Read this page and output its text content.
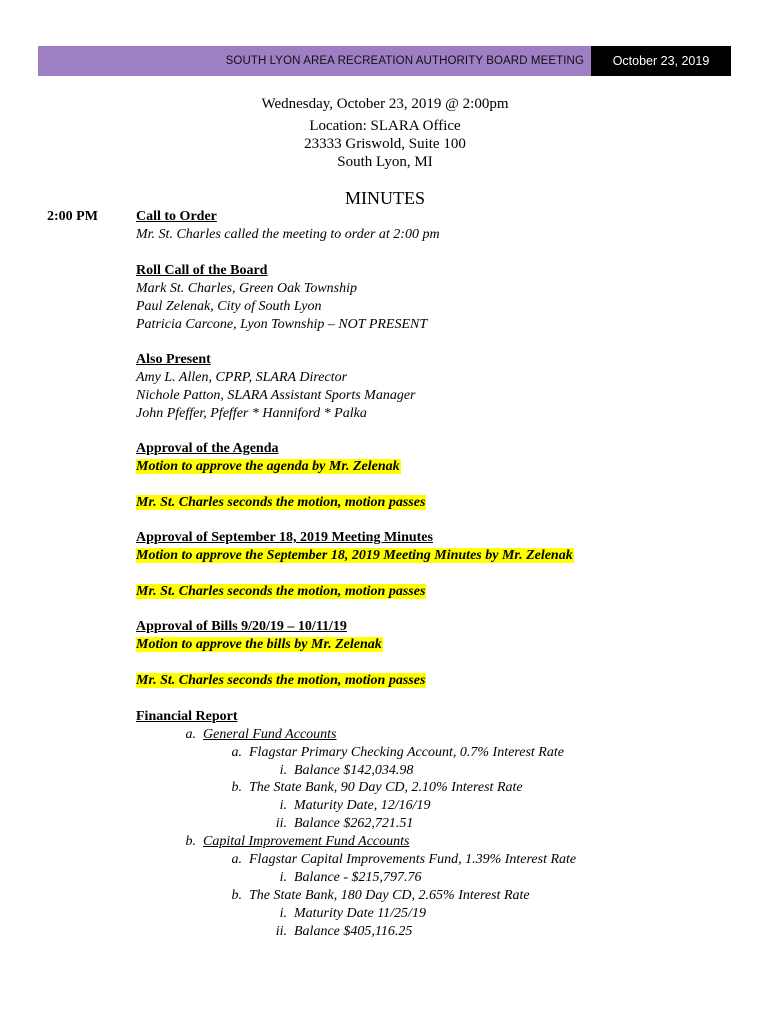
SOUTH LYON AREA RECREATION AUTHORITY BOARD MEETING	October 23, 2019
Wednesday, October 23, 2019 @ 2:00pm
Location: SLARA Office
23333 Griswold, Suite 100
South Lyon, MI
MINUTES
2:00 PM	Call to Order
Mr. St. Charles called the meeting to order at 2:00 pm
Roll Call of the Board
Mark St. Charles, Green Oak Township
Paul Zelenak, City of South Lyon
Patricia Carcone, Lyon Township – NOT PRESENT
Also Present
Amy L. Allen, CPRP, SLARA Director
Nichole Patton, SLARA Assistant Sports Manager
John Pfeffer, Pfeffer * Hanniford * Palka
Approval of the Agenda
Motion to approve the agenda by Mr. Zelenak
Mr. St. Charles seconds the motion, motion passes
Approval of September 18, 2019 Meeting Minutes
Motion to approve the September 18, 2019 Meeting Minutes by Mr. Zelenak
Mr. St. Charles seconds the motion, motion passes
Approval of Bills 9/20/19 – 10/11/19
Motion to approve the bills by Mr. Zelenak
Mr. St. Charles seconds the motion, motion passes
Financial Report
a. General Fund Accounts
a. Flagstar Primary Checking Account, 0.7% Interest Rate
i. Balance $142,034.98
b. The State Bank, 90 Day CD, 2.10% Interest Rate
i. Maturity Date, 12/16/19
ii. Balance $262,721.51
b. Capital Improvement Fund Accounts
a. Flagstar Capital Improvements Fund, 1.39% Interest Rate
i. Balance - $215,797.76
b. The State Bank, 180 Day CD, 2.65% Interest Rate
i. Maturity Date 11/25/19
ii. Balance $405,116.25
